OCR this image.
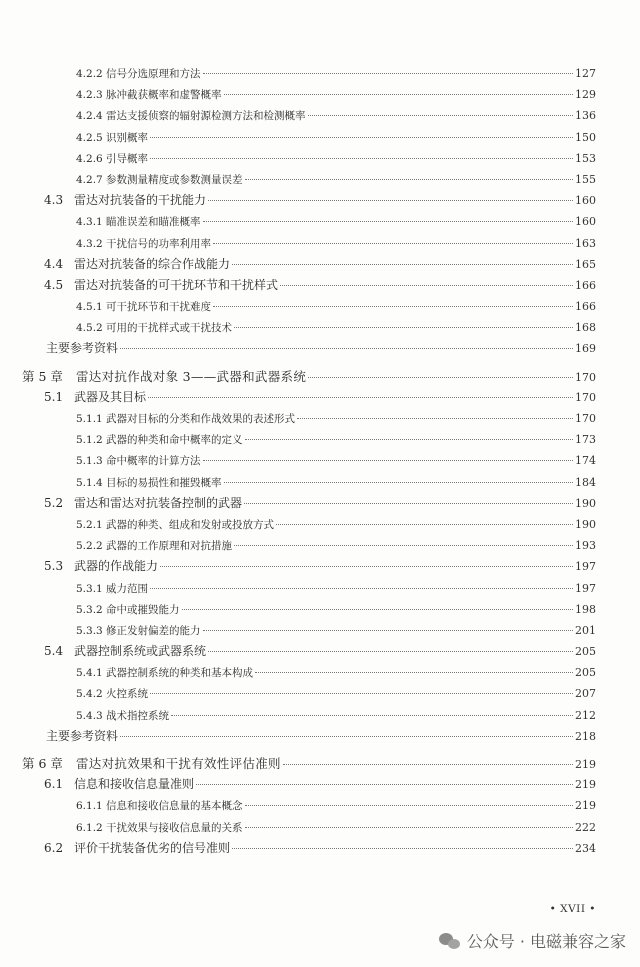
4.2.2 信号分选原理和方法	127
4.2.3 脉冲截获概率和虚警概率	129
4.2.4 雷达支援侦察的辐射源检测方法和检测概率	136
4.2.5 识别概率	150
4.2.6 引导概率	153
4.2.7 参数测量精度或参数测量误差	155
4.3 雷达对抗装备的干扰能力	160
4.3.1 瞄准误差和瞄准概率	160
4.3.2 干扰信号的功率利用率	163
4.4 雷达对抗装备的综合作战能力	165
4.5 雷达对抗装备的可干扰环节和干扰样式	166
4.5.1 可干扰环节和干扰难度	166
4.5.2 可用的干扰样式或干扰技术	168
主要参考资料	169
第 5 章	雷达对抗作战对象 3——武器和武器系统	170
5.1 武器及其目标	170
5.1.1 武器对目标的分类和作战效果的表述形式	170
5.1.2 武器的种类和命中概率的定义	173
5.1.3 命中概率的计算方法	174
5.1.4 目标的易损性和摧毁概率	184
5.2 雷达和雷达对抗装备控制的武器	190
5.2.1 武器的种类、组成和发射或投放方式	190
5.2.2 武器的工作原理和对抗措施	193
5.3 武器的作战能力	197
5.3.1 威力范围	197
5.3.2 命中或摧毁能力	198
5.3.3 修正发射偏差的能力	201
5.4 武器控制系统或武器系统	205
5.4.1 武器控制系统的种类和基本构成	205
5.4.2 火控系统	207
5.4.3 战术指控系统	212
主要参考资料	218
第 6 章	雷达对抗效果和干扰有效性评估准则	219
6.1 信息和接收信息量准则	219
6.1.1 信息和接收信息量的基本概念	219
6.1.2 干扰效果与接收信息量的关系	222
6.2 评价干扰装备优劣的信号准则	234
• XVII •
公众号 · 电磁兼容之家
